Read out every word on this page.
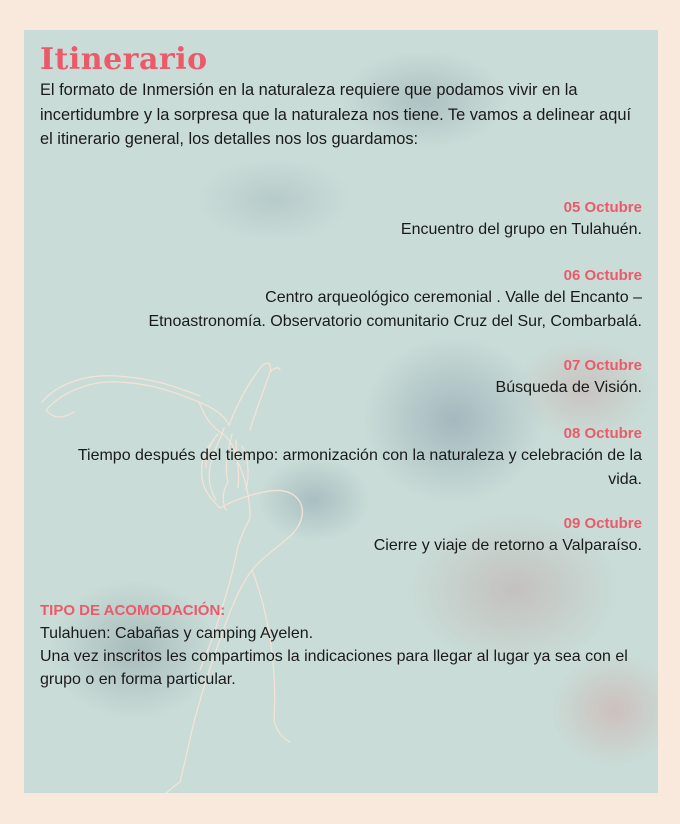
Itinerario

El formato de Inmersión en la naturaleza requiere que podamos vivir en la incertidumbre y la sorpresa que la naturaleza nos tiene. Te vamos a delinear aquí el itinerario general, los detalles nos los guardamos:

05 Octubre
Encuentro del grupo en Tulahuén.
06 Octubre
Centro arqueológico ceremonial . Valle del Encanto –
Etnoastronomía. Observatorio comunitario Cruz del Sur, Combarbalá.
07 Octubre
Búsqueda de Visión.
08 Octubre
Tiempo después del tiempo: armonización con la naturaleza y celebración de la
vida.
09 Octubre
Cierre y viaje de retorno a Valparaíso.
TIPO DE ACOMODACIÓN:
Tulahuen: Cabañas y camping Ayelen.
Una vez inscritos les compartimos la indicaciones para llegar al lugar ya sea con el grupo o en forma particular.
